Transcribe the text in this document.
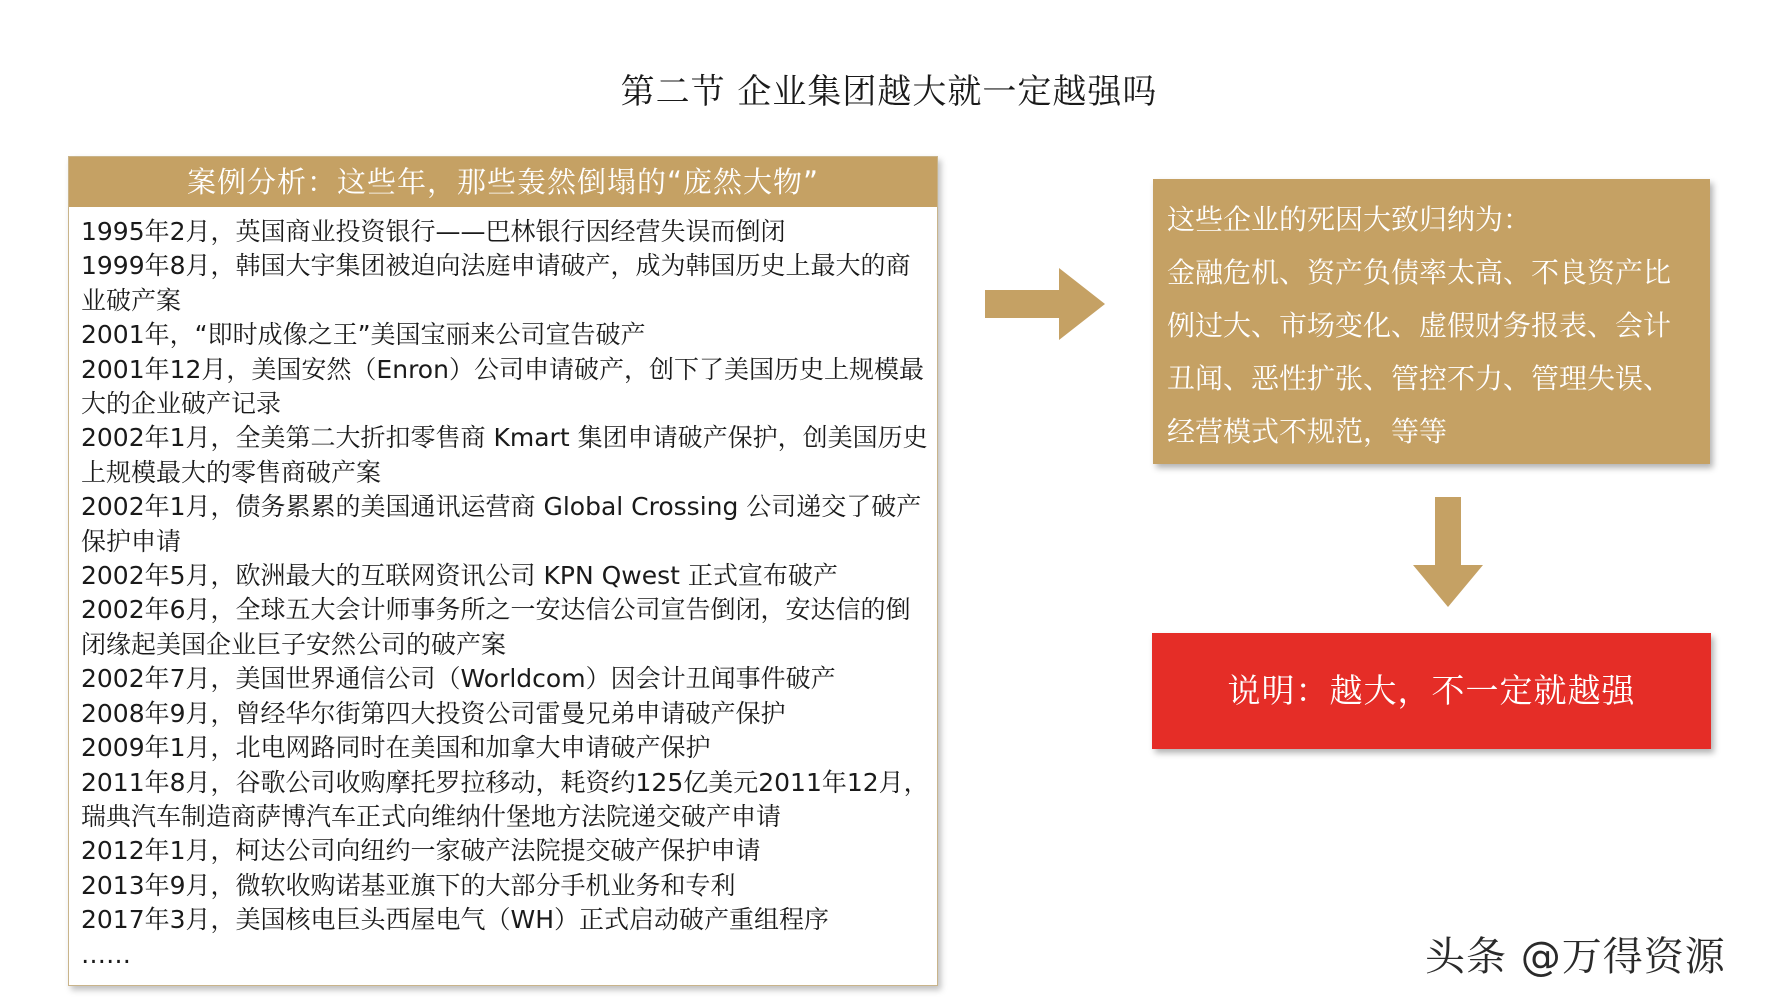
第二节 企业集团越大就一定越强吗
案例分析：这些年，那些轰然倒塌的“庞然大物”
1995年2月，英国商业投资银行——巴林银行因经营失误而倒闭
1999年8月，韩国大宇集团被迫向法庭申请破产，成为韩国历史上最大的商业破产案
2001年，“即时成像之王”美国宝丽来公司宣告破产
2001年12月，美国安然（Enron）公司申请破产，创下了美国历史上规模最大的企业破产记录
2002年1月，全美第二大折扣零售商 Kmart 集团申请破产保护，创美国历史上规模最大的零售商破产案
2002年1月，债务累累的美国通讯运营商 Global Crossing 公司递交了破产保护申请
2002年5月，欧洲最大的互联网资讯公司 KPN Qwest 正式宣布破产
2002年6月，全球五大会计师事务所之一安达信公司宣告倒闭，安达信的倒闭缘起美国企业巨子安然公司的破产案
2002年7月，美国世界通信公司（Worldcom）因会计丑闻事件破产
2008年9月，曾经华尔街第四大投资公司雷曼兄弟申请破产保护
2009年1月，北电网路同时在美国和加拿大申请破产保护
2011年8月，谷歌公司收购摩托罗拉移动，耗资约125亿美元2011年12月，瑞典汽车制造商萨博汽车正式向维纳什堡地方法院递交破产申请
2012年1月，柯达公司向纽约一家破产法院提交破产保护申请
2013年9月，微软收购诺基亚旗下的大部分手机业务和专利
2017年3月，美国核电巨头西屋电气（WH）正式启动破产重组程序
……

这些企业的死因大致归纳为：

金融危机、资产负债率太高、不良资产比例过大、市场变化、虚假财务报表、会计丑闻、恶性扩张、管控不力、管理失误、经营模式不规范，等等

说明：越大，不一定就越强
头条 @万得资源
